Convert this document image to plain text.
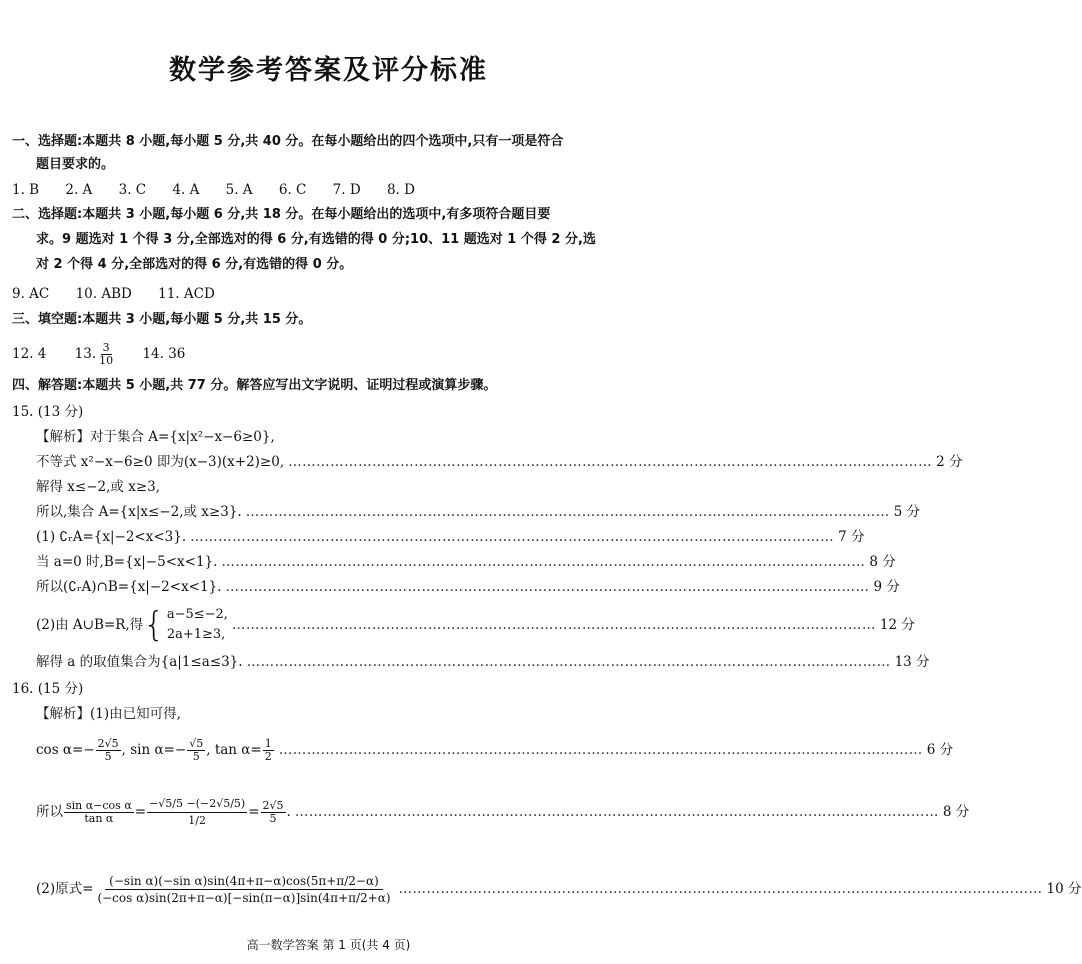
数学参考答案及评分标准
一、选择题:本题共 8 小题,每小题 5 分,共 40 分。在每小题给出的四个选项中,只有一项是符合
题目要求的。
1. B 2. A 3. C 4. A 5. A 6. C 7. D 8. D
二、选择题:本题共 3 小题,每小题 6 分,共 18 分。在每小题给出的选项中,有多项符合题目要
求。9 题选对 1 个得 3 分,全部选对的得 6 分,有选错的得 0 分;10、11 题选对 1 个得 2 分,选
对 2 个得 4 分,全部选对的得 6 分,有选错的得 0 分。
9. AC 10. ABD 11. ACD
三、填空题:本题共 3 小题,每小题 5 分,共 15 分。
12. 4 13. $\frac{3}{10} 14$. 36
四、解答题:本题共 5 小题,共 77 分。解答应写出文字说明、证明过程或演算步骤。
15. (13 分)
【解析】对于集合 A={x|x²−x−6≥0},
不等式 x²−x−6≥0 即为(x−3)(x+2)≥0, ………………………………………………………………………………………………………………………… 2 分
解得 x≤−2,或 x≥3,
所以,集合 A={x|x≤−2,或 x≥3}. ………………………………………………………………………………………………………………………… 5 分
(1) ∁ᵣA={x|−2<x<3}. ………………………………………………………………………………………………………………………… 7 分
当 a=0 时,B={x|−5<x<1}. ………………………………………………………………………………………………………………………… 8 分
所以(∁ᵣA)∩B={x|−2<x<1}. ………………………………………………………………………………………………………………………… 9 分
(2)由 A∪B=R,得 { a−5≤−2,
2a+1≥3,
………………………………………………………………………………………………………………………… 12 分
解得 a 的取值集合为{a|1≤a≤3}. ………………………………………………………………………………………………………………………… 13 分
16. (15 分)
【解析】(1)由已知可得,
$\cos \alpha=- \frac{2√5}{5}$ , $\sin \alpha=- \frac{√5}{5}$ , $\tan \alpha= \frac{1}{2}$ ………………………………………………………………………………………………………………………… 6 分
所以 $\frac{\text{sin α−cos α}}{\text{tan α}} = \frac{-√5/5 -(-2√5/5)}{1/2} = \frac{2√5}{5}$ . ………………………………………………………………………………………………………………………… 8 分
(2)原式= $\frac{\text{(−sin α)(−sin α)sin(4π+π−α)cos(5π+π/2−α)}}{\text{(−cos α)sin(2π+π−α)[−sin(π−α)]sin(4π+π/2+α)}}$ ………………………………………………………………………………………………………………………… 10 分
高一数学答案 第 1 页(共 4 页)
